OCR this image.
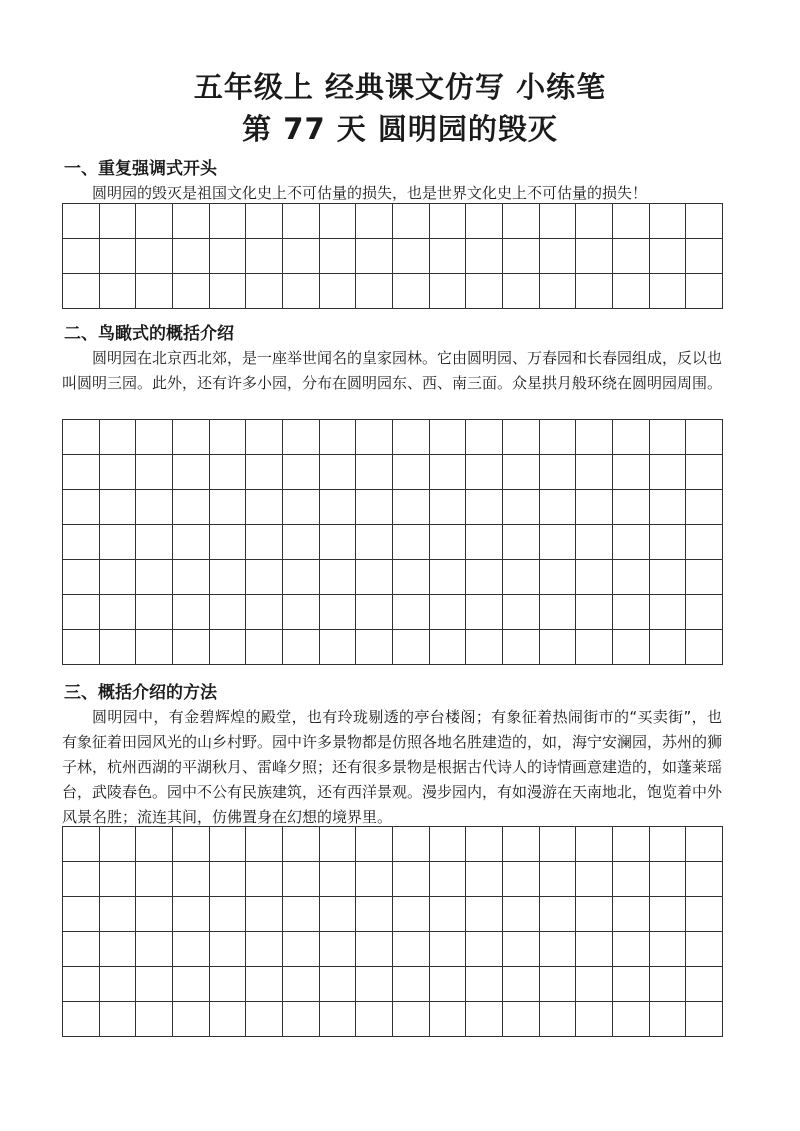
五年级上 经典课文仿写 小练笔
第 77 天 圆明园的毁灭
一、重复强调式开头

圆明园的毁灭是祖国文化史上不可估量的损失，也是世界文化史上不可估量的损失！

二、鸟瞰式的概括介绍

圆明园在北京西北郊，是一座举世闻名的皇家园林。它由圆明园、万春园和长春园组成，反以也叫圆明三园。此外，还有许多小园，分布在圆明园东、西、南三面。众星拱月般环绕在圆明园周围。

三、概括介绍的方法

圆明园中，有金碧辉煌的殿堂，也有玲珑剔透的亭台楼阁；有象征着热闹街市的“买卖街”，也有象征着田园风光的山乡村野。园中许多景物都是仿照各地名胜建造的，如，海宁安澜园，苏州的狮子林，杭州西湖的平湖秋月、雷峰夕照；还有很多景物是根据古代诗人的诗情画意建造的，如蓬莱瑶台，武陵春色。园中不公有民族建筑，还有西洋景观。漫步园内，有如漫游在天南地北，饱览着中外风景名胜；流连其间，仿佛置身在幻想的境界里。
